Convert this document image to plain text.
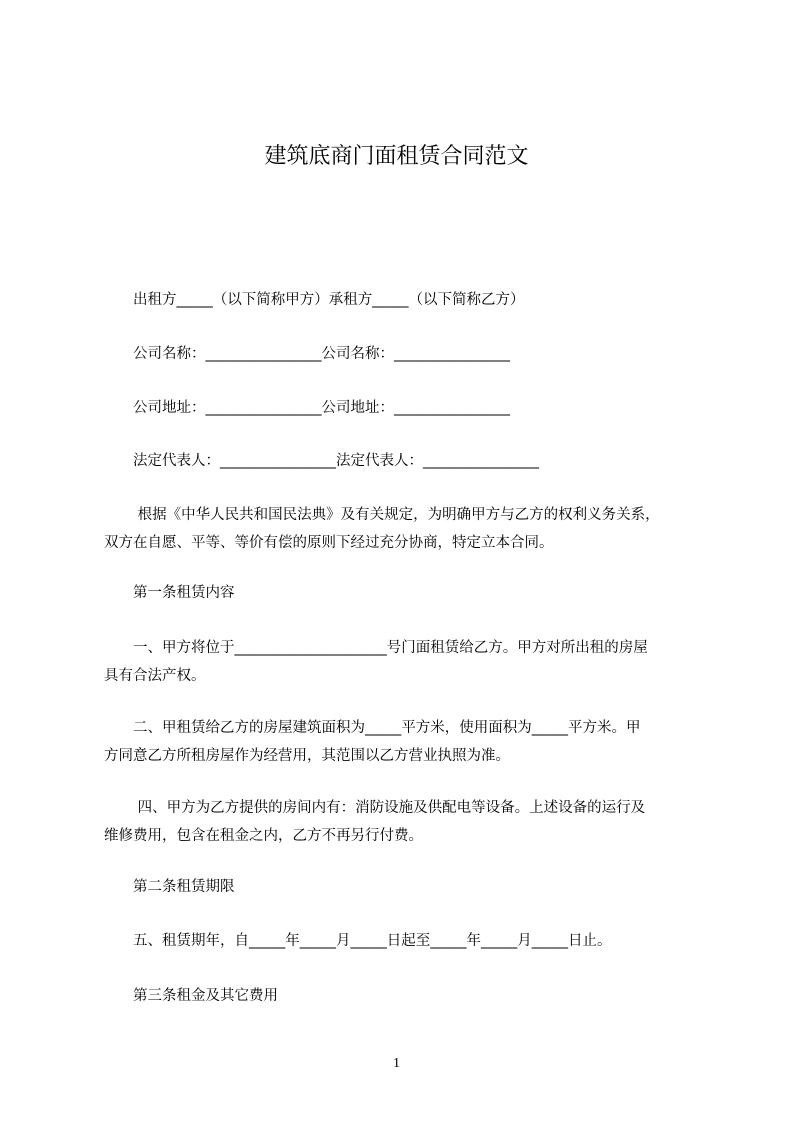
建筑底商门面租赁合同范文
　　出租方_____（以下简称甲方）承租方_____（以下简称乙方）
　　公司名称：________________公司名称：________________
　　公司地址：________________公司地址：________________
　　法定代表人：________________法定代表人：________________
　　 根据《中华人民共和国民法典》及有关规定，为明确甲方与乙方的权利义务关系，
双方在自愿、平等、等价有偿的原则下经过充分协商，特定立本合同。
　　第一条租赁内容
　　一、甲方将位于_____________________号门面租赁给乙方。甲方对所出租的房屋
具有合法产权。
　　二、甲租赁给乙方的房屋建筑面积为_____平方米，使用面积为_____平方米。甲
方同意乙方所租房屋作为经营用，其范围以乙方营业执照为准。
　　 四、甲方为乙方提供的房间内有：消防设施及供配电等设备。上述设备的运行及
维修费用，包含在租金之内，乙方不再另行付费。
　　第二条租赁期限
　　五、租赁期年，自_____年_____月_____日起至_____年_____月_____日止。
　　第三条租金及其它费用
1
